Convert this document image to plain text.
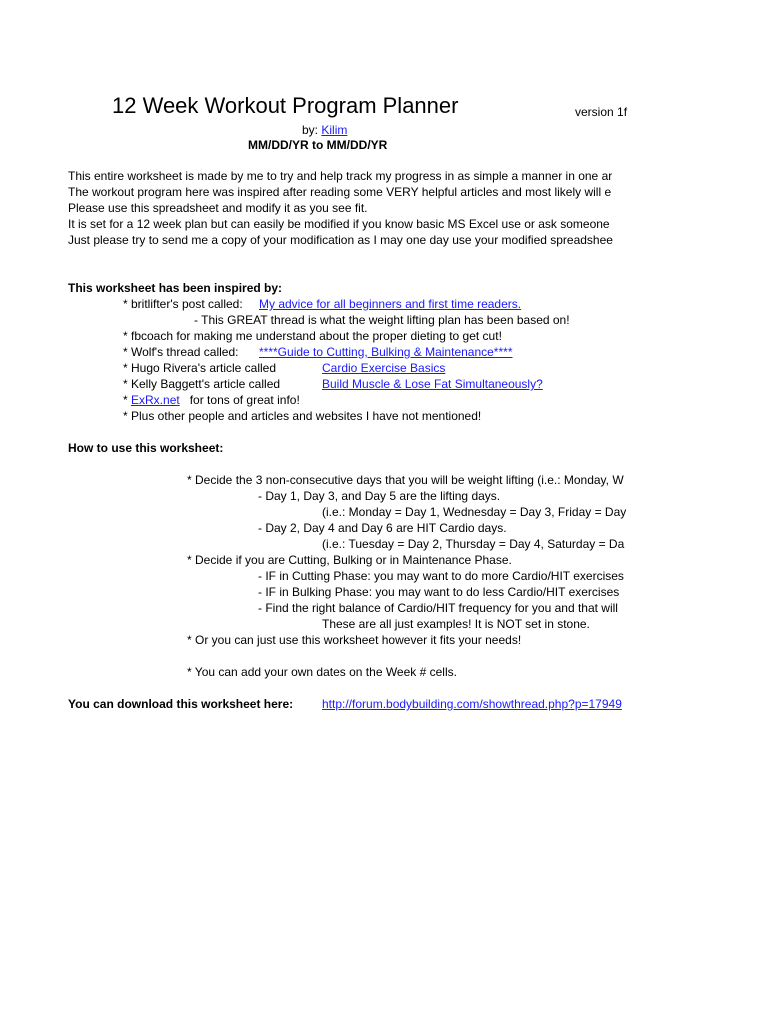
12 Week Workout Program Planner	version 1f
by: Kilim
MM/DD/YR to MM/DD/YR
This entire worksheet is made by me to try and help track my progress in as simple a manner in one ar
The workout program here was inspired after reading some VERY helpful articles and most likely will e
Please use this spreadsheet and modify it as you see fit.
It is set for a 12 week plan but can easily be modified if you know basic MS Excel use or ask someone
Just please try to send me a copy of your modification as I may one day use your modified spreadshee
This worksheet has been inspired by:
* britlifter's post called: My advice for all beginners and first time readers.
- This GREAT thread is what the weight lifting plan has been based on!
* fbcoach for making me understand about the proper dieting to get cut!
* Wolf's thread called: ****Guide to Cutting, Bulking & Maintenance****
* Hugo Rivera's article called	Cardio Exercise Basics
* Kelly Baggett's article called	Build Muscle & Lose Fat Simultaneously?
* ExRx.net for tons of great info!
* Plus other people and articles and websites I have not mentioned!
How to use this worksheet:
* Decide the 3 non-consecutive days that you will be weight lifting (i.e.: Monday, W
- Day 1, Day 3, and Day 5 are the lifting days.
(i.e.: Monday = Day 1, Wednesday = Day 3, Friday = Day
- Day 2, Day 4 and Day 6 are HIT Cardio days.
(i.e.: Tuesday = Day 2, Thursday = Day 4, Saturday = Da
* Decide if you are Cutting, Bulking or in Maintenance Phase.
- IF in Cutting Phase: you may want to do more Cardio/HIT exercises
- IF in Bulking Phase: you may want to do less Cardio/HIT exercises
- Find the right balance of Cardio/HIT frequency for you and that will
These are all just examples! It is NOT set in stone.
* Or you can just use this worksheet however it fits your needs!
* You can add your own dates on the Week # cells.
You can download this worksheet here: http://forum.bodybuilding.com/showthread.php?p=17949
